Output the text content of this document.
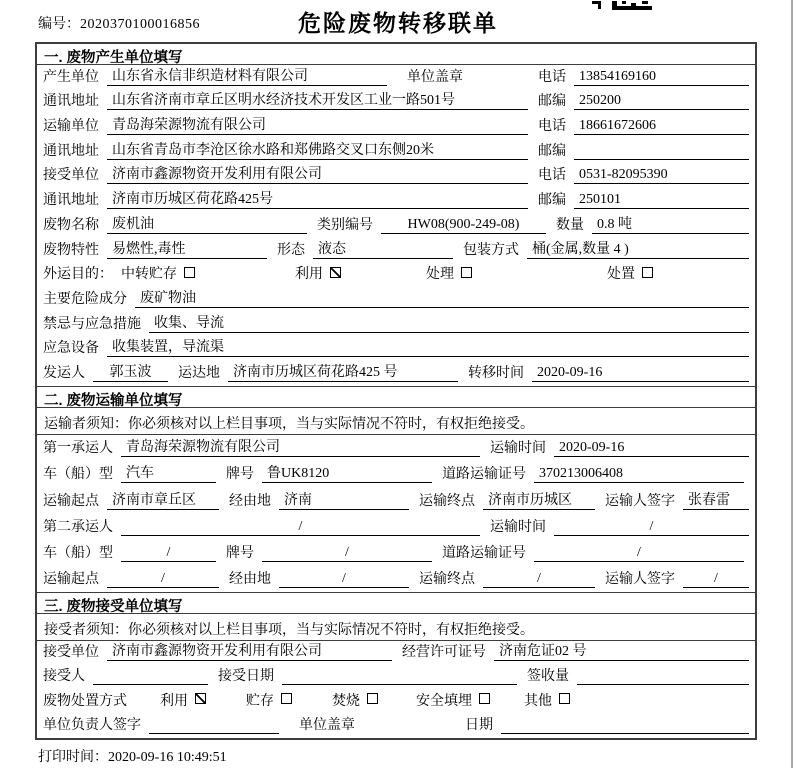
编号：2020370100016856	危险废物转移联单
一. 废物产生单位填写
产生单位 山东省永信非织造材料有限公司	单位盖章	电话 13854169160
通讯地址 山东省济南市章丘区明水经济技术开发区工业一路501号	邮编 250200
运输单位 青岛海荣源物流有限公司	电话 18661672606
通讯地址 山东省青岛市李沧区徐水路和郑佛路交叉口东侧20米	邮编
接受单位 济南市鑫源物资开发利用有限公司	电话 0531-82095390
通讯地址 济南市历城区荷花路425号	邮编 250101
废物名称 废机油	类别编号	HW08(900-249-08)	数量 0.8 吨
废物特性 易燃性,毒性	形态 液态	包装方式 桶(金属,数量 4 )
外运目的： 中转贮存	利用	处理	处置
主要危险成分 废矿物油
禁忌与应急措施 收集、导流
应急设备 收集装置，导流渠
发运人	郭玉波	运达地 济南市历城区荷花路425 号	转移时间 2020-09-16
二. 废物运输单位填写
运输者须知：你必须核对以上栏目事项，当与实际情况不符时，有权拒绝接受。
第一承运人 青岛海荣源物流有限公司	运输时间 2020-09-16
车（船）型 汽车	牌号 鲁UK8120	道路运输证号 370213006408
运输起点 济南市章丘区	经由地 济南	运输终点 济南市历城区	运输人签字 张春雷
第二承运人	/	运输时间	/
车（船）型	/	牌号	/	道路运输证号	/
运输起点	/	经由地	/	运输终点	/	运输人签字	/
三. 废物接受单位填写
接受者须知：你必须核对以上栏目事项，当与实际情况不符时，有权拒绝接受。
接受单位 济南市鑫源物资开发利用有限公司	经营许可证号 济南危证02 号
接受人	接受日期	签收量
废物处置方式 利用	贮存	焚烧	安全填埋	其他
单位负责人签字	单位盖章	日期
打印时间：2020-09-16 10:49:51
